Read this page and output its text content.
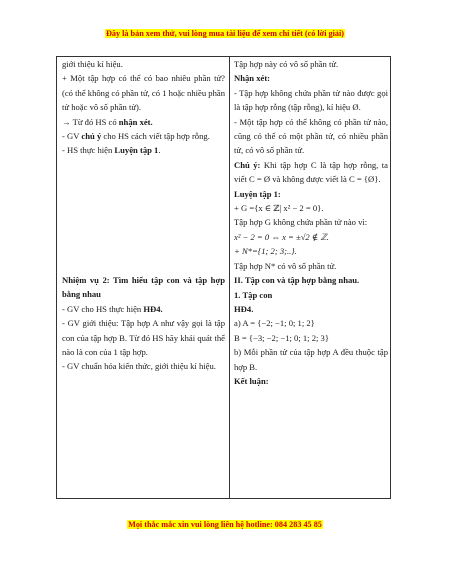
Đây là bản xem thử, vui lòng mua tài liệu để xem chi tiết (có lời giải)

giới thiệu kí hiệu.

+ Một tập hợp có thể có bao nhiêu phần tử? (có thể không có phần tử, có 1 hoặc nhiều phần tử hoặc vô số phần tử).

→ Từ đó HS có nhận xét.

- GV chú ý cho HS cách viết tập hợp rỗng.

- HS thực hiện Luyện tập 1.

Nhiệm vụ 2: Tìm hiểu tập con và tập hợp bằng nhau

- GV cho HS thực hiện HĐ4.

- GV giới thiệu: Tập hợp A như vậy gọi là tập con của tập hợp B. Từ đó HS hãy khái quát thế nào là con của 1 tập hợp.

- GV chuẩn hóa kiến thức, giới thiệu kí hiệu.

Tập hợp này có vô số phần tử.

Nhận xét:

- Tập hợp không chứa phần tử nào được gọi là tập hợp rỗng (tập rỗng), kí hiệu Ø.

- Một tập hợp có thể không có phần tử nào, cũng có thể có một phần tử, có nhiều phần tử, có vô số phần tử.

Chú ý: Khi tập hợp C là tập hợp rỗng, ta viết C = Ø và không được viết là C = {Ø}.

Luyện tập 1:

+ G ={x ∈ ℤ| x² − 2 = 0}.

Tập hợp G không chứa phần tử nào vì:

x² − 2 = 0 ⇔ x = ±√2 ∉ ℤ.

+ N*={1; 2; 3;..}.

Tập hợp N* có vô số phần tử.

II. Tập con và tập hợp bằng nhau.

1. Tập con

HĐ4.

a) A = {−2; −1; 0; 1; 2}

B = {−3; −2; −1; 0; 1; 2; 3}

b) Mỗi phần tử của tập hợp A đều thuộc tập hợp B.

Kết luận:

Mọi thắc mắc xin vui lòng liên hệ hotline: 084 283 45 85
